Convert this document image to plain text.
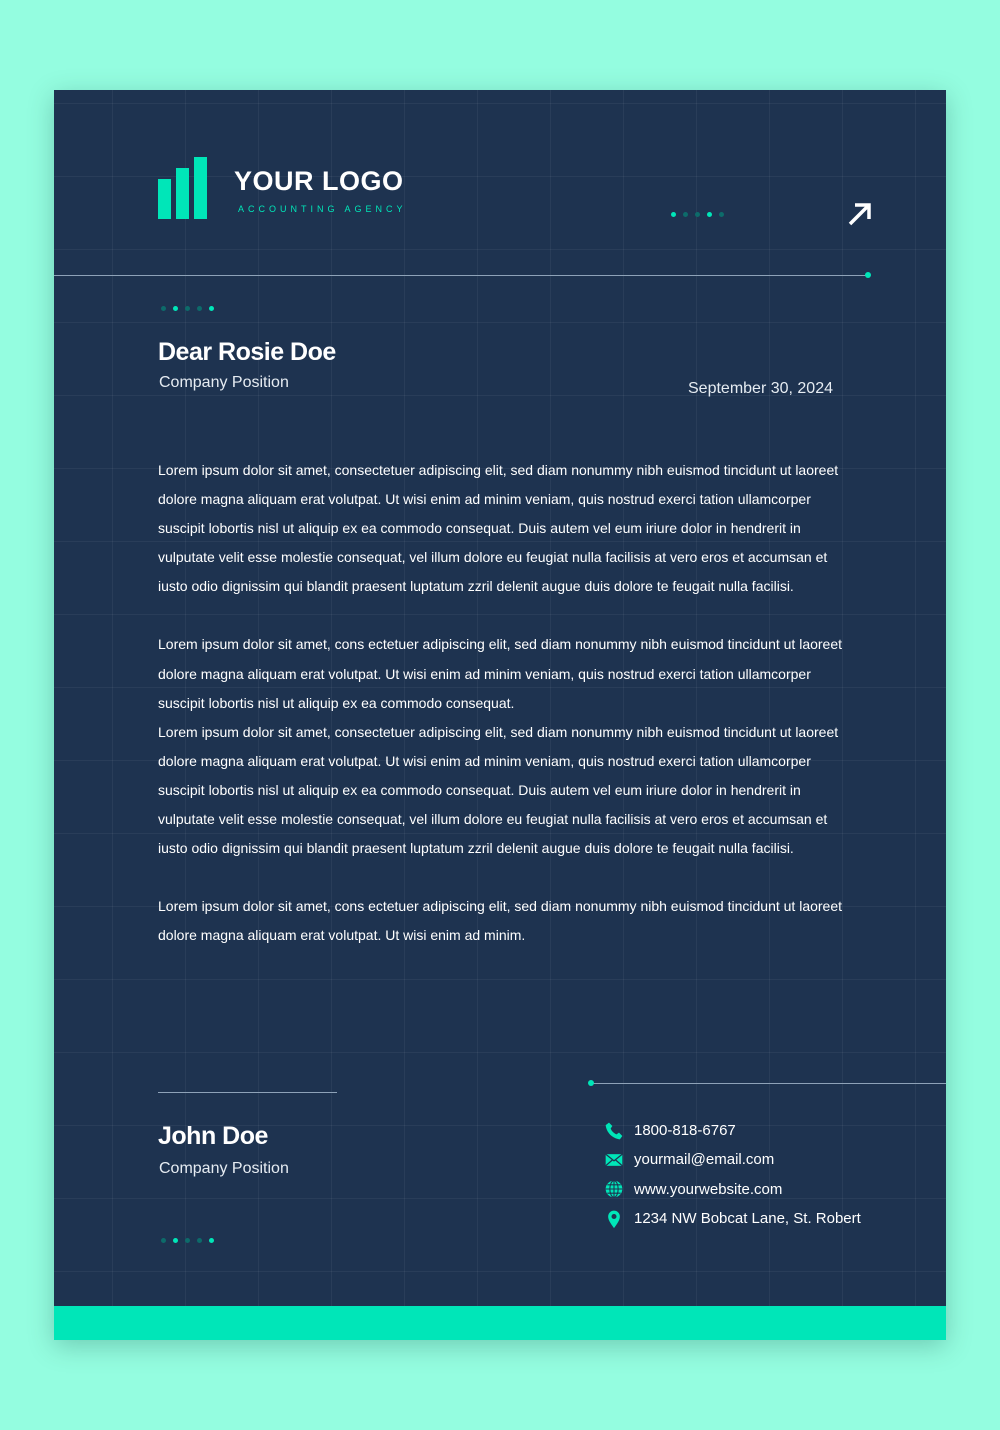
YOUR LOGO
ACCOUNTING AGENCY
Dear Rosie Doe
Company Position	September 30, 2024

Lorem ipsum dolor sit amet, consectetuer adipiscing elit, sed diam nonummy nibh euismod tincidunt ut laoreet dolore magna aliquam erat volutpat. Ut wisi enim ad minim veniam, quis nostrud exerci tation ullamcorper suscipit lobortis nisl ut aliquip ex ea commodo consequat. Duis autem vel eum iriure dolor in hendrerit in vulputate velit esse molestie consequat, vel illum dolore eu feugiat nulla facilisis at vero eros et accumsan et iusto odio dignissim qui blandit praesent luptatum zzril delenit augue duis dolore te feugait nulla facilisi.

Lorem ipsum dolor sit amet, cons ectetuer adipiscing elit, sed diam nonummy nibh euismod tincidunt ut laoreet dolore magna aliquam erat volutpat. Ut wisi enim ad minim veniam, quis nostrud exerci tation ullamcorper suscipit lobortis nisl ut aliquip ex ea commodo consequat.

Lorem ipsum dolor sit amet, consectetuer adipiscing elit, sed diam nonummy nibh euismod tincidunt ut laoreet dolore magna aliquam erat volutpat. Ut wisi enim ad minim veniam, quis nostrud exerci tation ullamcorper suscipit lobortis nisl ut aliquip ex ea commodo consequat. Duis autem vel eum iriure dolor in hendrerit in vulputate velit esse molestie consequat, vel illum dolore eu feugiat nulla facilisis at vero eros et accumsan et iusto odio dignissim qui blandit praesent luptatum zzril delenit augue duis dolore te feugait nulla facilisi.

Lorem ipsum dolor sit amet, cons ectetuer adipiscing elit, sed diam nonummy nibh euismod tincidunt ut laoreet dolore magna aliquam erat volutpat. Ut wisi enim ad minim.

John Doe
Company Position
1800-818-6767
yourmail@email.com
www.yourwebsite.com
1234 NW Bobcat Lane, St. Robert
